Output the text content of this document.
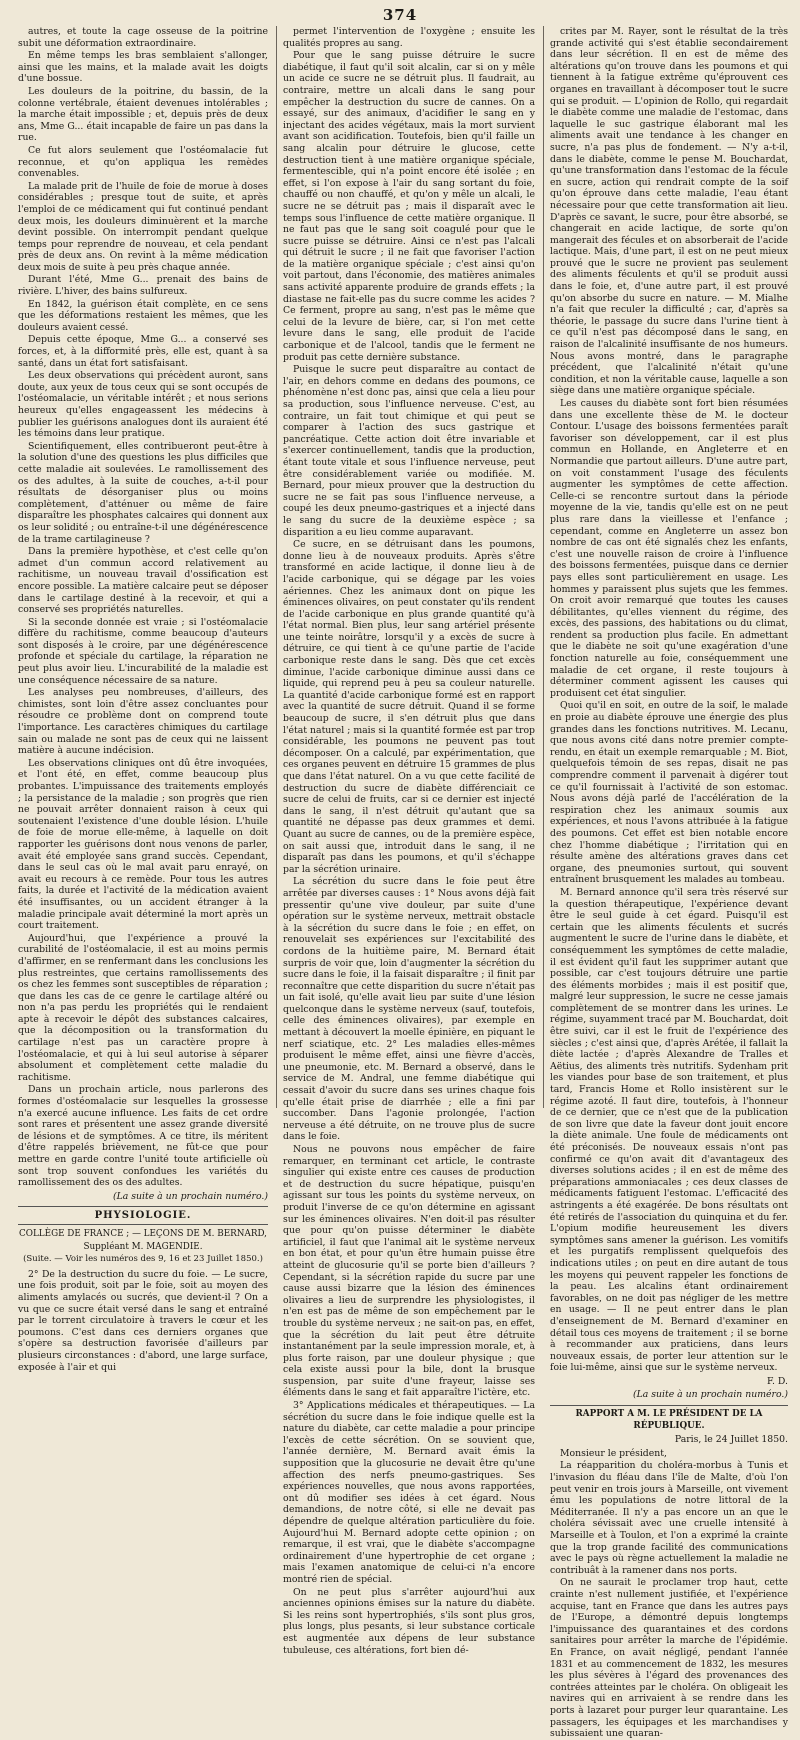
374

autres, et toute la cage osseuse de la poitrine subit une déformation extraordinaire.

En même temps les bras semblaient s'allonger, ainsi que les mains, et la malade avait les doigts d'une bossue.

Les douleurs de la poitrine, du bassin, de la colonne vertébrale, étaient devenues intolérables ; la marche était impossible ; et, depuis près de deux ans, Mme G... était incapable de faire un pas dans la rue.

Ce fut alors seulement que l'ostéomalacie fut reconnue, et qu'on appliqua les remèdes convenables.

La malade prit de l'huile de foie de morue à doses considérables ; presque tout de suite, et après l'emploi de ce médicament qui fut continué pendant deux mois, les douleurs diminuèrent et la marche devint possible. On interrompit pendant quelque temps pour reprendre de nouveau, et cela pendant près de deux ans. On revint à la même médication deux mois de suite à peu près chaque année.

Durant l'été, Mme G... prenait des bains de rivière. L'hiver, des bains sulfureux.

En 1842, la guérison était complète, en ce sens que les déformations restaient les mêmes, que les douleurs avaient cessé.

Depuis cette époque, Mme G... a conservé ses forces, et, à la difformité près, elle est, quant à sa santé, dans un état fort satisfaisant.

Les deux observations qui précèdent auront, sans doute, aux yeux de tous ceux qui se sont occupés de l'ostéomalacie, un véritable intérêt ; et nous serions heureux qu'elles engageassent les médecins à publier les guérisons analogues dont ils auraient été les témoins dans leur pratique.

Scientifiquement, elles contribueront peut-être à la solution d'une des questions les plus difficiles que cette maladie ait soulevées. Le ramollissement des os des adultes, à la suite de couches, a-t-il pour résultats de désorganiser plus ou moins complètement, d'atténuer ou même de faire disparaître les phosphates calcaires qui donnent aux os leur solidité ; ou entraîne-t-il une dégénérescence de la trame cartilagineuse ?

Dans la première hypothèse, et c'est celle qu'on admet d'un commun accord relativement au rachitisme, un nouveau travail d'ossification est encore possible. La matière calcaire peut se déposer dans le cartilage destiné à la recevoir, et qui a conservé ses propriétés naturelles.

Si la seconde donnée est vraie ; si l'ostéomalacie diffère du rachitisme, comme beaucoup d'auteurs sont disposés à le croire, par une dégénérescence profonde et spéciale du cartilage, la réparation ne peut plus avoir lieu. L'incurabilité de la maladie est une conséquence nécessaire de sa nature.

Les analyses peu nombreuses, d'ailleurs, des chimistes, sont loin d'être assez concluantes pour résoudre ce problème dont on comprend toute l'importance. Les caractères chimiques du cartilage sain ou malade ne sont pas de ceux qui ne laissent matière à aucune indécision.

Les observations cliniques ont dû être invoquées, et l'ont été, en effet, comme beaucoup plus probantes. L'impuissance des traitements employés ; la persistance de la maladie ; son progrès que rien ne pouvait arrêter donnaient raison à ceux qui soutenaient l'existence d'une double lésion. L'huile de foie de morue elle-même, à laquelle on doit rapporter les guérisons dont nous venons de parler, avait été employée sans grand succès. Cependant, dans le seul cas où le mal avait paru enrayé, on avait eu recours à ce remède. Pour tous les autres faits, la durée et l'activité de la médication avaient été insuffisantes, ou un accident étranger à la maladie principale avait déterminé la mort après un court traitement.

Aujourd'hui, que l'expérience a prouvé la curabilité de l'ostéomalacie, il est au moins permis d'affirmer, en se renfermant dans les conclusions les plus restreintes, que certains ramollissements des os chez les femmes sont susceptibles de réparation ; que dans les cas de ce genre le cartilage altéré ou non n'a pas perdu les propriétés qui le rendaient apte à recevoir le dépôt des substances calcaires, que la décomposition ou la transformation du cartilage n'est pas un caractère propre à l'ostéomalacie, et qui à lui seul autorise à séparer absolument et complètement cette maladie du rachitisme.

Dans un prochain article, nous parlerons des formes d'ostéomalacie sur lesquelles la grossesse n'a exercé aucune influence. Les faits de cet ordre sont rares et présentent une assez grande diversité de lésions et de symptômes. A ce titre, ils méritent d'être rappelés brièvement, ne fût-ce que pour mettre en garde contre l'unité toute artificielle où sont trop souvent confondues les variétés du ramollissement des os des adultes.

(La suite à un prochain numéro.)
PHYSIOLOGIE.
COLLÈGE DE FRANCE ; — LEÇONS DE M. BERNARD,
Suppléant M. MAGENDIE.
(Suite. — Voir les numéros des 9, 16 et 23 Juillet 1850.)

2° De la destruction du sucre du foie. — Le sucre, une fois produit, soit par le foie, soit au moyen des aliments amylacés ou sucrés, que devient-il ? On a vu que ce sucre était versé dans le sang et entraîné par le torrent circulatoire à travers le cœur et les poumons. C'est dans ces derniers organes que s'opère sa destruction favorisée d'ailleurs par plusieurs circonstances : d'abord, une large surface, exposée à l'air et qui

permet l'intervention de l'oxygène ; ensuite les qualités propres au sang.

Pour que le sang puisse détruire le sucre diabétique, il faut qu'il soit alcalin, car si on y mêle un acide ce sucre ne se détruit plus. Il faudrait, au contraire, mettre un alcali dans le sang pour empêcher la destruction du sucre de cannes. On a essayé, sur des animaux, d'acidifier le sang en y injectant des acides végétaux, mais la mort survient avant son acidification. Toutefois, bien qu'il faille un sang alcalin pour détruire le glucose, cette destruction tient à une matière organique spéciale, fermentescible, qui n'a point encore été isolée ; en effet, si l'on expose à l'air du sang sortant du foie, chauffé ou non chauffé, et qu'on y mêle un alcali, le sucre ne se détruit pas ; mais il disparaît avec le temps sous l'influence de cette matière organique. Il ne faut pas que le sang soit coagulé pour que le sucre puisse se détruire. Ainsi ce n'est pas l'alcali qui détruit le sucre ; il ne fait que favoriser l'action de la matière organique spéciale ; c'est ainsi qu'on voit partout, dans l'économie, des matières animales sans activité apparente produire de grands effets ; la diastase ne fait-elle pas du sucre comme les acides ? Ce ferment, propre au sang, n'est pas le même que celui de la levure de bière, car, si l'on met cette levure dans le sang, elle produit de l'acide carbonique et de l'alcool, tandis que le ferment ne produit pas cette dernière substance.

Puisque le sucre peut disparaître au contact de l'air, en dehors comme en dedans des poumons, ce phénomène n'est donc pas, ainsi que cela a lieu pour sa production, sous l'influence nerveuse. C'est, au contraire, un fait tout chimique et qui peut se comparer à l'action des sucs gastrique et pancréatique. Cette action doit être invariable et s'exercer continuellement, tandis que la production, étant toute vitale et sous l'influence nerveuse, peut être considérablement variée ou modifiée. M. Bernard, pour mieux prouver que la destruction du sucre ne se fait pas sous l'influence nerveuse, a coupé les deux pneumo-gastriques et a injecté dans le sang du sucre de la deuxième espèce ; sa disparition a eu lieu comme auparavant.

Ce sucre, en se détruisant dans les poumons, donne lieu à de nouveaux produits. Après s'être transformé en acide lactique, il donne lieu à de l'acide carbonique, qui se dégage par les voies aériennes. Chez les animaux dont on pique les éminences olivaires, on peut constater qu'ils rendent de l'acide carbonique en plus grande quantité qu'à l'état normal. Bien plus, leur sang artériel présente une teinte noirâtre, lorsqu'il y a excès de sucre à détruire, ce qui tient à ce qu'une partie de l'acide carbonique reste dans le sang. Dès que cet excès diminue, l'acide carbonique diminue aussi dans ce liquide, qui reprend peu à peu sa couleur naturelle. La quantité d'acide carbonique formé est en rapport avec la quantité de sucre détruit. Quand il se forme beaucoup de sucre, il s'en détruit plus que dans l'état naturel ; mais si la quantité formée est par trop considérable, les poumons ne peuvent pas tout décomposer. On a calculé, par expérimentation, que ces organes peuvent en détruire 15 grammes de plus que dans l'état naturel. On a vu que cette facilité de destruction du sucre de diabète différenciait ce sucre de celui de fruits, car si ce dernier est injecté dans le sang, il n'est détruit qu'autant que sa quantité ne dépasse pas deux grammes et demi. Quant au sucre de cannes, ou de la première espèce, on sait aussi que, introduit dans le sang, il ne disparaît pas dans les poumons, et qu'il s'échappe par la sécrétion urinaire.

La sécrétion du sucre dans le foie peut être arrêtée par diverses causes : 1° Nous avons déjà fait pressentir qu'une vive douleur, par suite d'une opération sur le système nerveux, mettrait obstacle à la sécrétion du sucre dans le foie ; en effet, on renouvelait ses expériences sur l'excitabilité des cordons de la huitième paire, M. Bernard était surpris de voir que, loin d'augmenter la sécrétion du sucre dans le foie, il la faisait disparaître ; il finit par reconnaître que cette disparition du sucre n'était pas un fait isolé, qu'elle avait lieu par suite d'une lésion quelconque dans le système nerveux (sauf, toutefois, celle des éminences olivaires), par exemple en mettant à découvert la moelle épinière, en piquant le nerf sciatique, etc. 2° Les maladies elles-mêmes produisent le même effet, ainsi une fièvre d'accès, une pneumonie, etc. M. Bernard a observé, dans le service de M. Andral, une femme diabétique qui cessait d'avoir du sucre dans ses urines chaque fois qu'elle était prise de diarrhée ; elle a fini par succomber. Dans l'agonie prolongée, l'action nerveuse a été détruite, on ne trouve plus de sucre dans le foie.

Nous ne pouvons nous empêcher de faire remarquer, en terminant cet article, le contraste singulier qui existe entre ces causes de production et de destruction du sucre hépatique, puisqu'en agissant sur tous les points du système nerveux, on produit l'inverse de ce qu'on détermine en agissant sur les éminences olivaires. N'en doit-il pas résulter que pour qu'on puisse déterminer le diabète artificiel, il faut que l'animal ait le système nerveux en bon état, et pour qu'un être humain puisse être atteint de glucosurie qu'il se porte bien d'ailleurs ? Cependant, si la sécrétion rapide du sucre par une cause aussi bizarre que la lésion des éminences olivaires a lieu de surprendre les physiologistes, il n'en est pas de même de son empêchement par le trouble du système nerveux ; ne sait-on pas, en effet, que la sécrétion du lait peut être détruite instantanément par la seule impression morale, et, à plus forte raison, par une douleur physique ; que cela existe aussi pour la bile, dont la brusque suspension, par suite d'une frayeur, laisse ses éléments dans le sang et fait apparaître l'ictère, etc.

3° Applications médicales et thérapeutiques. — La sécrétion du sucre dans le foie indique quelle est la nature du diabète, car cette maladie a pour principe l'excès de cette sécrétion. On se souvient que, l'année dernière, M. Bernard avait émis la supposition que la glucosurie ne devait être qu'une affection des nerfs pneumo-gastriques. Ses expériences nouvelles, que nous avons rapportées, ont dû modifier ses idées à cet égard. Nous demandions, de notre côté, si elle ne devait pas dépendre de quelque altération particulière du foie. Aujourd'hui M. Bernard adopte cette opinion ; on remarque, il est vrai, que le diabète s'accompagne ordinairement d'une hypertrophie de cet organe ; mais l'examen anatomique de celui-ci n'a encore montré rien de spécial.

On ne peut plus s'arrêter aujourd'hui aux anciennes opinions émises sur la nature du diabète. Si les reins sont hypertrophiés, s'ils sont plus gros, plus longs, plus pesants, si leur substance corticale est augmentée aux dépens de leur substance tubuleuse, ces altérations, fort bien dé-

crites par M. Rayer, sont le résultat de la très grande activité qui s'est établie secondairement dans leur sécrétion. Il en est de même des altérations qu'on trouve dans les poumons et qui tiennent à la fatigue extrême qu'éprouvent ces organes en travaillant à décomposer tout le sucre qui se produit. — L'opinion de Rollo, qui regardait le diabète comme une maladie de l'estomac, dans laquelle le suc gastrique élaborant mal les aliments avait une tendance à les changer en sucre, n'a pas plus de fondement. — N'y a-t-il, dans le diabète, comme le pense M. Bouchardat, qu'une transformation dans l'estomac de la fécule en sucre, action qui rendrait compte de la soif qu'on éprouve dans cette maladie, l'eau étant nécessaire pour que cette transformation ait lieu. D'après ce savant, le sucre, pour être absorbé, se changerait en acide lactique, de sorte qu'on mangerait des fécules et on absorberait de l'acide lactique. Mais, d'une part, il est on ne peut mieux prouvé que le sucre ne provient pas seulement des aliments féculents et qu'il se produit aussi dans le foie, et, d'une autre part, il est prouvé qu'on absorbe du sucre en nature. — M. Mialhe n'a fait que reculer la difficulté ; car, d'après sa théorie, le passage du sucre dans l'urine tient à ce qu'il n'est pas décomposé dans le sang, en raison de l'alcalinité insuffisante de nos humeurs. Nous avons montré, dans le paragraphe précédent, que l'alcalinité n'était qu'une condition, et non la véritable cause, laquelle a son siège dans une matière organique spéciale.

Les causes du diabète sont fort bien résumées dans une excellente thèse de M. le docteur Contour. L'usage des boissons fermentées paraît favoriser son développement, car il est plus commun en Hollande, en Angleterre et en Normandie que partout ailleurs. D'une autre part, on voit constamment l'usage des féculents augmenter les symptômes de cette affection. Celle-ci se rencontre surtout dans la période moyenne de la vie, tandis qu'elle est on ne peut plus rare dans la vieillesse et l'enfance ; cependant, comme en Angleterre un assez bon nombre de cas ont été signalés chez les enfants, c'est une nouvelle raison de croire à l'influence des boissons fermentées, puisque dans ce dernier pays elles sont particulièrement en usage. Les hommes y paraissent plus sujets que les femmes. On croit avoir remarqué que toutes les causes débilitantes, qu'elles viennent du régime, des excès, des passions, des habitations ou du climat, rendent sa production plus facile. En admettant que le diabète ne soit qu'une exagération d'une fonction naturelle au foie, conséquemment une maladie de cet organe, il reste toujours à déterminer comment agissent les causes qui produisent cet état singulier.

Quoi qu'il en soit, en outre de la soif, le malade en proie au diabète éprouve une énergie des plus grandes dans les fonctions nutritives. M. Lecanu, que nous avons cité dans notre premier compte-rendu, en était un exemple remarquable ; M. Biot, quelquefois témoin de ses repas, disait ne pas comprendre comment il parvenait à digérer tout ce qu'il fournissait à l'activité de son estomac. Nous avons déjà parlé de l'accélération de la respiration chez les animaux soumis aux expériences, et nous l'avons attribuée à la fatigue des poumons. Cet effet est bien notable encore chez l'homme diabétique ; l'irritation qui en résulte amène des altérations graves dans cet organe, des pneumonies surtout, qui souvent entraînent brusquement les malades au tombeau.

M. Bernard annonce qu'il sera très réservé sur la question thérapeutique, l'expérience devant être le seul guide à cet égard. Puisqu'il est certain que les aliments féculents et sucrés augmentent le sucre de l'urine dans le diabète, et conséquemment les symptômes de cette maladie, il est évident qu'il faut les supprimer autant que possible, car c'est toujours détruire une partie des éléments morbides ; mais il est positif que, malgré leur suppression, le sucre ne cesse jamais complètement de se montrer dans les urines. Le régime, suyamment tracé par M. Bouchardat, doit être suivi, car il est le fruit de l'expérience des siècles ; c'est ainsi que, d'après Arétée, il fallait la diète lactée ; d'après Alexandre de Tralles et Aëtius, des aliments très nutritifs. Sydenham prit les viandes pour base de son traitement, et plus tard, Francis Home et Rollo insistèrent sur le régime azoté. Il faut dire, toutefois, à l'honneur de ce dernier, que ce n'est que de la publication de son livre que date la faveur dont jouit encore la diète animale. Une foule de médicaments ont été préconisés. De nouveaux essais n'ont pas confirmé ce qu'on avait dit d'avantageux des diverses solutions acides ; il en est de même des préparations ammoniacales ; ces deux classes de médicaments fatiguent l'estomac. L'efficacité des astringents a été exagérée. De bons résultats ont été retirés de l'association du quinquina et du fer. L'opium modifie heureusement les divers symptômes sans amener la guérison. Les vomitifs et les purgatifs remplissent quelquefois des indications utiles ; on peut en dire autant de tous les moyens qui peuvent rappeler les fonctions de la peau. Les alcalins étant ordinairement favorables, on ne doit pas négliger de les mettre en usage. — Il ne peut entrer dans le plan d'enseignement de M. Bernard d'examiner en détail tous ces moyens de traitement ; il se borne à recommander aux praticiens, dans leurs nouveaux essais, de porter leur attention sur le foie lui-même, ainsi que sur le système nerveux.

F. D.
(La suite à un prochain numéro.)
RAPPORT A M. LE PRÉSIDENT DE LA RÉPUBLIQUE.
Paris, le 24 Juillet 1850.

Monsieur le président,

La réapparition du choléra-morbus à Tunis et l'invasion du fléau dans l'île de Malte, d'où l'on peut venir en trois jours à Marseille, ont vivement ému les populations de notre littoral de la Méditerranée. Il n'y a pas encore un an que le choléra sévissait avec une cruelle intensité à Marseille et à Toulon, et l'on a exprimé la crainte que la trop grande facilité des communications avec le pays où règne actuellement la maladie ne contribuât à la ramener dans nos ports.

On ne saurait le proclamer trop haut, cette crainte n'est nullement justifiée, et l'expérience acquise, tant en France que dans les autres pays de l'Europe, a démontré depuis longtemps l'impuissance des quarantaines et des cordons sanitaires pour arrêter la marche de l'épidémie. En France, on avait négligé, pendant l'année 1831 et au commencement de 1832, les mesures les plus sévères à l'égard des provenances des contrées atteintes par le choléra. On obligeait les navires qui en arrivaient à se rendre dans les ports à lazaret pour purger leur quarantaine. Les passagers, les équipages et les marchandises y subissaient une quaran-
